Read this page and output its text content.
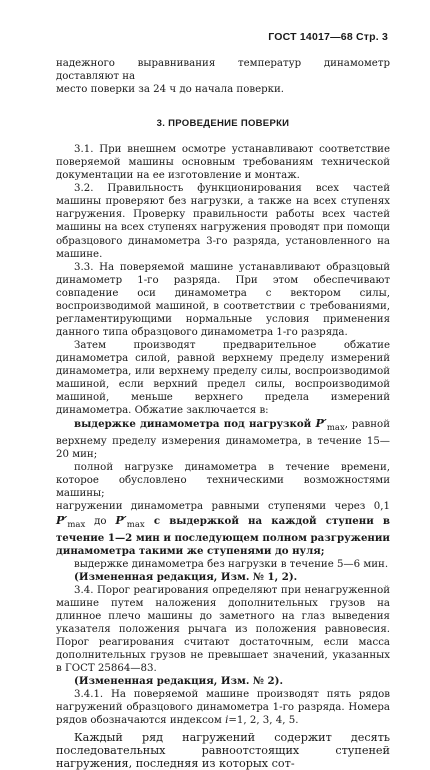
ГОСТ 14017—68 Стр. 3

надежного выравнивания температур динамометр доставляют на
место поверки за 24 ч до начала поверки.

3. ПРОВЕДЕНИЕ ПОВЕРКИ

3.1. При внешнем осмотре устанавливают соответствие поверяемой машины основным требованиям технической документации на ее изготовление и монтаж.

3.2. Правильность функционирования всех частей машины проверяют без нагрузки, а также на всех ступенях нагружения. Проверку правильности работы всех частей машины на всех ступенях нагружения проводят при помощи образцового динамометра 3-го разряда, установленного на машине.

3.3. На поверяемой машине устанавливают образцовый динамометр 1-го разряда. При этом обеспечивают совпадение оси динамометра с вектором силы, воспроизводимой машиной, в соответствии с требованиями, регламентирующими нормальные условия применения данного типа образцового динамометра 1-го разряда.

Затем производят предварительное обжатие динамометра силой, равной верхнему пределу измерений динамометра, или верхнему пределу силы, воспроизводимой машиной, если верхний предел силы, воспроизводимой машиной, меньше верхнего предела измерений динамометра. Обжатие заключается в:

выдержке динамометра под нагрузкой $P'_{max}$, равной верхнему пределу измерения динамометра, в течение 15—20 мин;

полной нагрузке динамометра в течение времени, которое обусловлено техническими возможностями машины;

нагружении динамометра равными ступенями через 0,1 $P'_{max}$ до $P'_{max}$ с выдержкой на каждой ступени в течение 1—2 мин и последующем полном разгружении динамометра такими же ступенями до нуля;

выдержке динамометра без нагрузки в течение 5—6 мин.

(Измененная редакция, Изм. № 1, 2).

3.4. Порог реагирования определяют при ненагруженной машине путем наложения дополнительных грузов на длинное плечо машины до заметного на глаз выведения указателя положения рычага из положения равновесия. Порог реагирования считают достаточным, если масса дополнительных грузов не превышает значений, указанных в ГОСТ 25864—83.

(Измененная редакция, Изм. № 2).

3.4.1. На поверяемой машине производят пять рядов нагружений образцового динамометра 1-го разряда. Номера рядов обозначаются индексом i=1, 2, 3, 4, 5.

Каждый ряд нагружений содержит десять последовательных равноотстоящих ступеней нагружения, последняя из которых сот-
